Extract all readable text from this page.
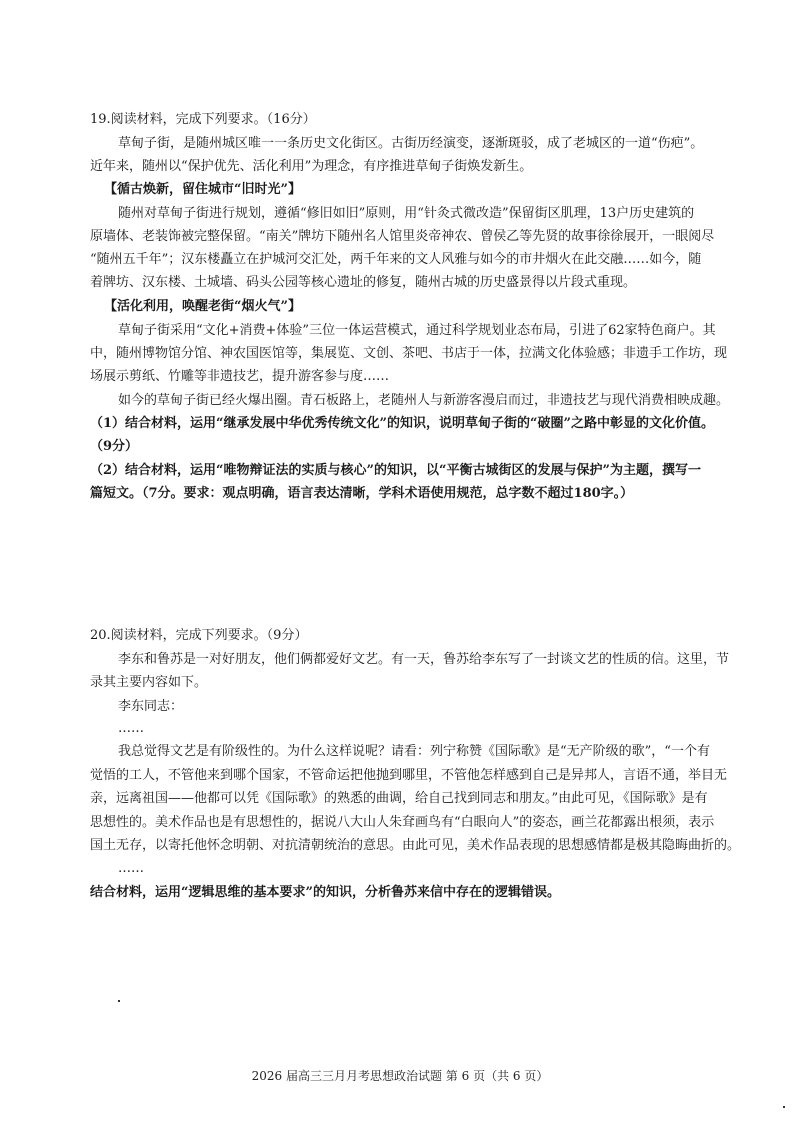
19.阅读材料，完成下列要求。（16分）
草甸子街，是随州城区唯一一条历史文化街区。古街历经演变，逐渐斑驳，成了老城区的一道“伤疤”。
近年来，随州以“保护优先、活化利用”为理念，有序推进草甸子街焕发新生。
【循古焕新，留住城市“旧时光”】
随州对草甸子街进行规划，遵循“修旧如旧”原则，用“针灸式微改造”保留街区肌理，13户历史建筑的
原墙体、老装饰被完整保留。“南关”牌坊下随州名人馆里炎帝神农、曾侯乙等先贤的故事徐徐展开，一眼阅尽
“随州五千年”；汉东楼矗立在护城河交汇处，两千年来的文人风雅与如今的市井烟火在此交融……如今，随
着牌坊、汉东楼、土城墙、码头公园等核心遗址的修复，随州古城的历史盛景得以片段式重现。
【活化利用，唤醒老街“烟火气”】
草甸子街采用“文化+消费+体验”三位一体运营模式，通过科学规划业态布局，引进了62家特色商户。其
中，随州博物馆分馆、神农国医馆等，集展览、文创、茶吧、书店于一体，拉满文化体验感；非遗手工作坊，现
场展示剪纸、竹雕等非遗技艺，提升游客参与度……
如今的草甸子街已经火爆出圈。青石板路上，老随州人与新游客漫启而过，非遗技艺与现代消费相映成趣。
（1）结合材料，运用“继承发展中华优秀传统文化”的知识，说明草甸子街的“破圈”之路中彰显的文化价值。
（9分）
（2）结合材料，运用“唯物辩证法的实质与核心”的知识，以“平衡古城街区的发展与保护”为主题，撰写一
篇短文。（7分。要求：观点明确，语言表达清晰，学科术语使用规范，总字数不超过180字。）
20.阅读材料，完成下列要求。（9分）
李东和鲁苏是一对好朋友，他们俩都爱好文艺。有一天，鲁苏给李东写了一封谈文艺的性质的信。这里，节
录其主要内容如下。
李东同志：
……
我总觉得文艺是有阶级性的。为什么这样说呢？请看：列宁称赞《国际歌》是“无产阶级的歌”，“一个有
觉悟的工人，不管他来到哪个国家，不管命运把他抛到哪里，不管他怎样感到自己是异邦人，言语不通，举目无
亲，远离祖国——他都可以凭《国际歌》的熟悉的曲调，给自己找到同志和朋友。”由此可见，《国际歌》是有
思想性的。美术作品也是有思想性的，据说八大山人朱耷画鸟有“白眼向人”的姿态，画兰花都露出根须，表示
国土无存，以寄托他怀念明朝、对抗清朝统治的意思。由此可见，美术作品表现的思想感情都是极其隐晦曲折的。
……
结合材料，运用“逻辑思维的基本要求”的知识，分析鲁苏来信中存在的逻辑错误。
2026 届高三三月月考思想政治试题 第 6 页（共 6 页）
